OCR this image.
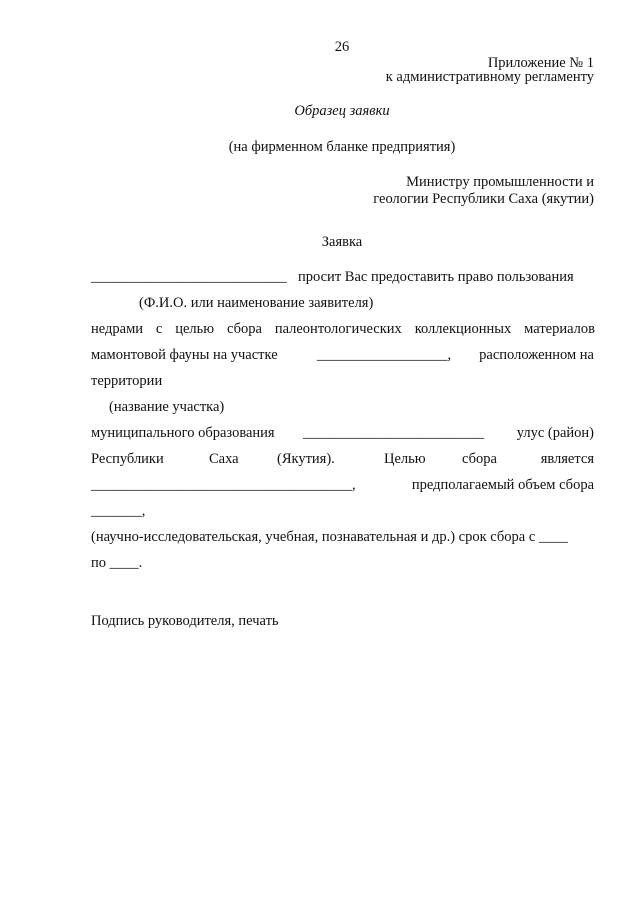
26
Приложение № 1
к административному регламенту
Образец заявки
(на фирменном бланке предприятия)
Министру промышленности и
геологии Республики Саха (якутии)
Заявка
___________________________ просит Вас предоставить право пользования
(Ф.И.О. или наименование заявителя)
недрами с целью сбора палеонтологических коллекционных материалов
мамонтовой фауны на участке	__________________, расположенном на
территории
(название участка)
муниципального образования _________________________ улус (район)
Республики	Саха	(Якутия).	Целью	сбора	является
____________________________________,	предполагаемый объем сбора
_______,
(научно-исследовательская, учебная, познавательная и др.) срок сбора с ____
по ____.
Подпись руководителя, печать
